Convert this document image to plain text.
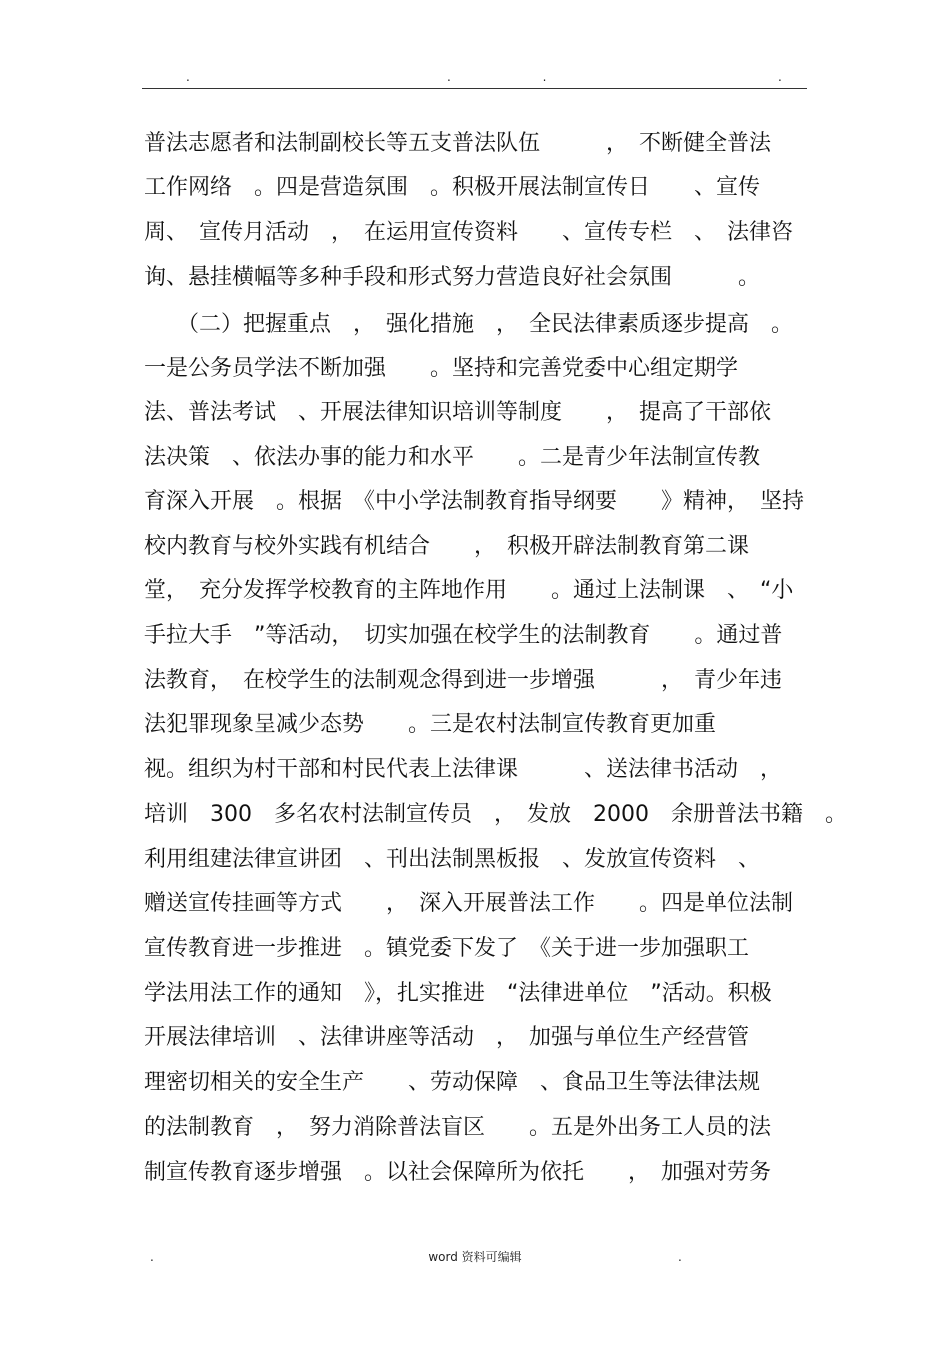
.	. .	.
普法志愿者和法制副校长等五支普法队伍　　　，　不断健全普法
工作网络　。四是营造氛围　。积极开展法制宣传日　　、宣传
周、　宣传月活动　，　在运用宣传资料　　、宣传专栏　、　法律咨
询、悬挂横幅等多种手段和形式努力营造良好社会氛围　　　。
　　（二）把握重点　，　强化措施　，　全民法律素质逐步提高　。
一是公务员学法不断加强　　。坚持和完善党委中心组定期学
法、普法考试　、开展法律知识培训等制度　　，　提高了干部依
法决策　、依法办事的能力和水平　　。二是青少年法制宣传教
育深入开展　。根据　《中小学法制教育指导纲要　　》精神，　坚持
校内教育与校外实践有机结合　　，　积极开辟法制教育第二课
堂，　充分发挥学校教育的主阵地作用　　。通过上法制课　、　“小
手拉大手　”等活动，　切实加强在校学生的法制教育　　。通过普
法教育，　在校学生的法制观念得到进一步增强　　　，　青少年违
法犯罪现象呈减少态势　　。三是农村法制宣传教育更加重
视。组织为村干部和村民代表上法律课　　　、送法律书活动　，
培训　300　多名农村法制宣传员　，　发放　2000　余册普法书籍　。
利用组建法律宣讲团　、刊出法制黑板报　、发放宣传资料　、
赠送宣传挂画等方式　　，　深入开展普法工作　　。四是单位法制
宣传教育进一步推进　。镇党委下发了　《关于进一步加强职工
学法用法工作的通知　》，扎实推进　“法律进单位　”活动。积极
开展法律培训　、法律讲座等活动　，　加强与单位生产经营管
理密切相关的安全生产　　、劳动保障　、食品卫生等法律法规
的法制教育　，　努力消除普法盲区　　。五是外出务工人员的法
制宣传教育逐步增强　。以社会保障所为依托　　，　加强对劳务
.	word 资料可编辑	.
